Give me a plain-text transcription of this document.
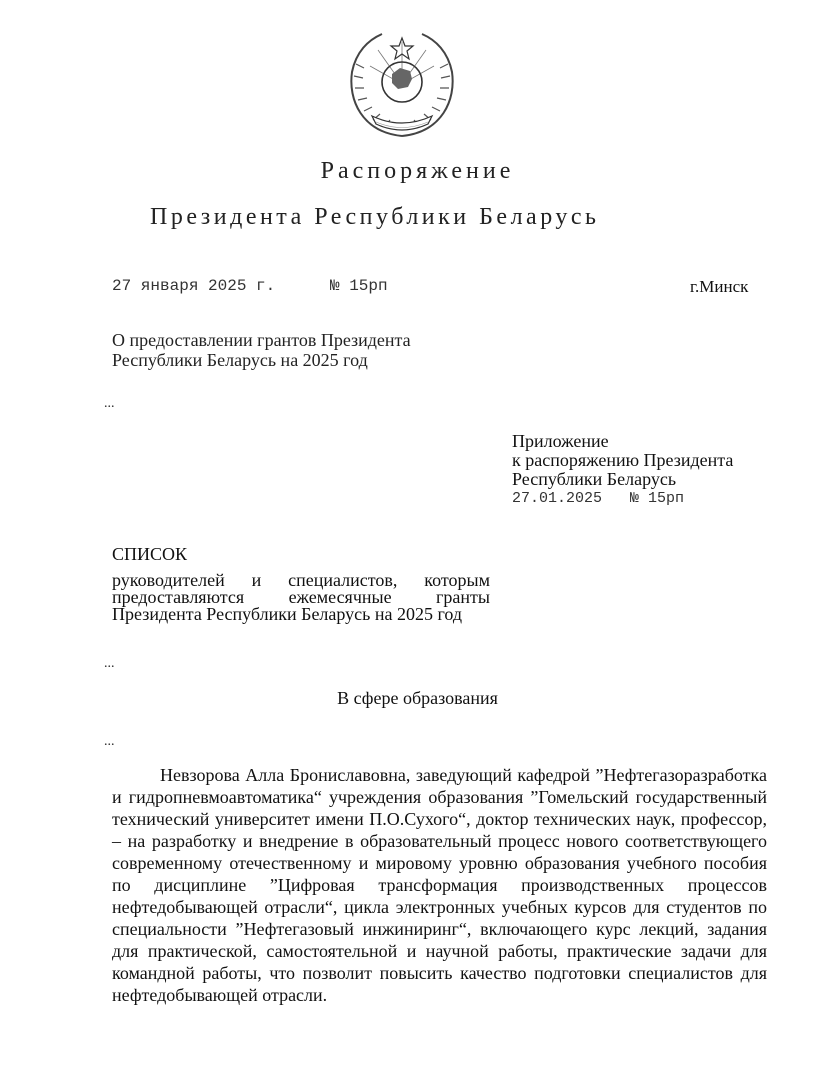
Распоряжение
Президента Республики Беларусь
27 января 2025 г.	№ 15рп	г.Минск
О предоставлении грантов Президента
Республики Беларусь на 2025 год
...
Приложение
к распоряжению Президента
Республики Беларусь
27.01.2025 № 15рп
СПИСОК
руководителей и специалистов, которым
предоставляются ежемесячные гранты
Президента Республики Беларусь на 2025 год
...
В сфере образования
...
Невзорова Алла Брониславовна, заведующий кафедрой ”Нефтегазоразработка и гидропневмоавтоматика“ учреждения образования ”Гомельский государственный технический университет имени П.О.Сухого“, доктор технических наук, профессор, – на разработку и внедрение в образовательный процесс нового соответствующего современному отечественному и мировому уровню образования учебного пособия по дисциплине ”Цифровая трансформация производственных процессов нефтедобывающей отрасли“, цикла электронных учебных курсов для студентов по специальности ”Нефтегазовый инжиниринг“, включающего курс лекций, задания для практической, самостоятельной и научной работы, практические задачи для командной работы, что позволит повысить качество подготовки специалистов для нефтедобывающей отрасли.
